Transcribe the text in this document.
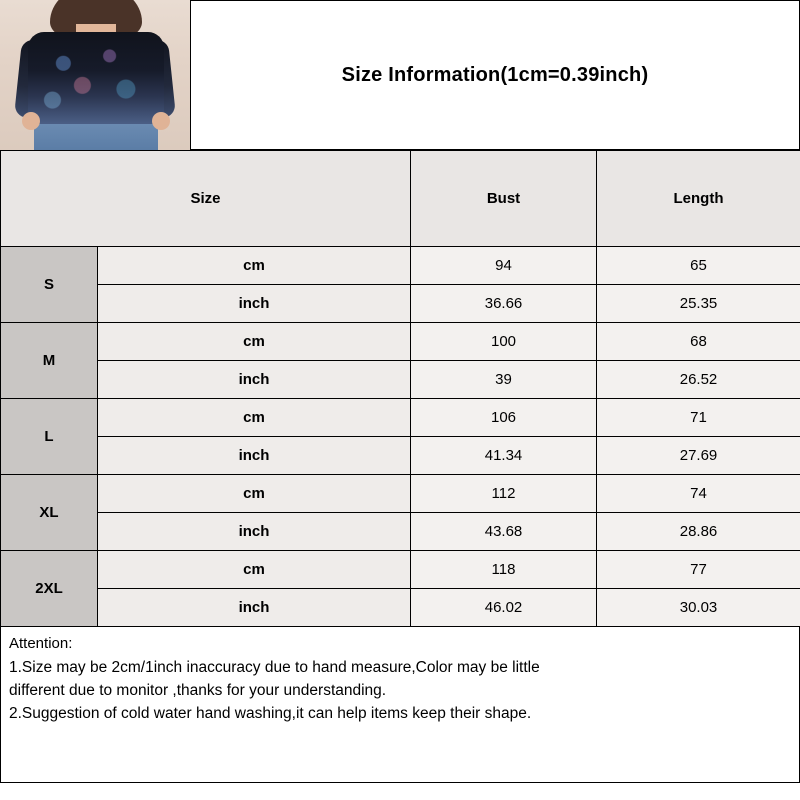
Size Information(1cm=0.39inch)
Size		Bust	Length
S	cm	94	65
	inch	36.66	25.35
M	cm	100	68
	inch	39	26.52
L	cm	106	71
	inch	41.34	27.69
XL	cm	112	74
	inch	43.68	28.86
2XL	cm	118	77
	inch	46.02	30.03
Attention:
1.Size may be 2cm/1inch inaccuracy due to hand measure,Color may be little
different due to monitor ,thanks for your understanding.
2.Suggestion of cold water hand washing,it can help items keep their shape.
